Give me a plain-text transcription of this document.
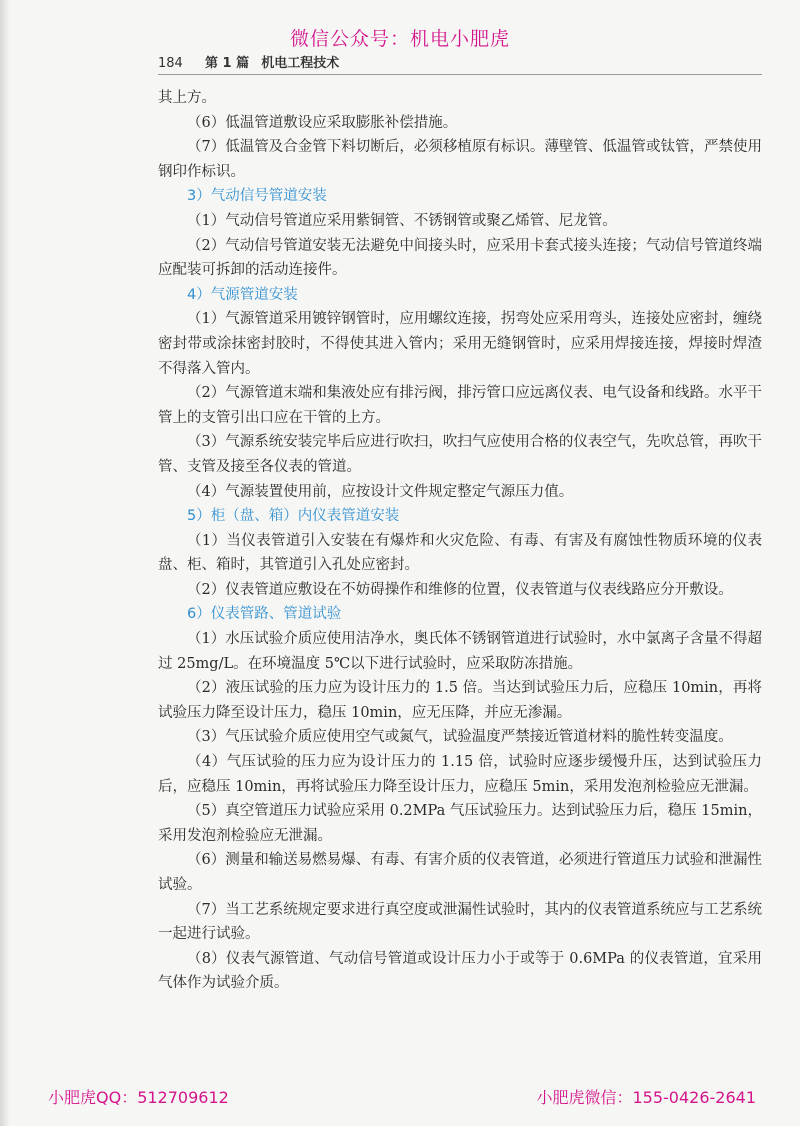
微信公众号：机电小肥虎
184 第 1 篇 机电工程技术

其上方。

（6）低温管道敷设应采取膨胀补偿措施。

（7）低温管及合金管下料切断后，必须移植原有标识。薄壁管、低温管或钛管，严禁使用钢印作标识。

3）气动信号管道安装

（1）气动信号管道应采用紫铜管、不锈钢管或聚乙烯管、尼龙管。

（2）气动信号管道安装无法避免中间接头时，应采用卡套式接头连接；气动信号管道终端应配装可拆卸的活动连接件。

4）气源管道安装

（1）气源管道采用镀锌钢管时，应用螺纹连接，拐弯处应采用弯头，连接处应密封，缠绕密封带或涂抹密封胶时，不得使其进入管内；采用无缝钢管时，应采用焊接连接，焊接时焊渣不得落入管内。

（2）气源管道末端和集液处应有排污阀，排污管口应远离仪表、电气设备和线路。水平干管上的支管引出口应在干管的上方。

（3）气源系统安装完毕后应进行吹扫，吹扫气应使用合格的仪表空气，先吹总管，再吹干管、支管及接至各仪表的管道。

（4）气源装置使用前，应按设计文件规定整定气源压力值。

5）柜（盘、箱）内仪表管道安装

（1）当仪表管道引入安装在有爆炸和火灾危险、有毒、有害及有腐蚀性物质环境的仪表盘、柜、箱时，其管道引入孔处应密封。

（2）仪表管道应敷设在不妨碍操作和维修的位置，仪表管道与仪表线路应分开敷设。

6）仪表管路、管道试验

（1）水压试验介质应使用洁净水，奥氏体不锈钢管道进行试验时，水中氯离子含量不得超过 25mg/L。在环境温度 5℃以下进行试验时，应采取防冻措施。

（2）液压试验的压力应为设计压力的 1.5 倍。当达到试验压力后，应稳压 10min，再将试验压力降至设计压力，稳压 10min，应无压降，并应无渗漏。

（3）气压试验介质应使用空气或氮气，试验温度严禁接近管道材料的脆性转变温度。

（4）气压试验的压力应为设计压力的 1.15 倍，试验时应逐步缓慢升压，达到试验压力后，应稳压 10min，再将试验压力降至设计压力，应稳压 5min，采用发泡剂检验应无泄漏。

（5）真空管道压力试验应采用 0.2MPa 气压试验压力。达到试验压力后，稳压 15min，采用发泡剂检验应无泄漏。

（6）测量和输送易燃易爆、有毒、有害介质的仪表管道，必须进行管道压力试验和泄漏性试验。

（7）当工艺系统规定要求进行真空度或泄漏性试验时，其内的仪表管道系统应与工艺系统一起进行试验。

（8）仪表气源管道、气动信号管道或设计压力小于或等于 0.6MPa 的仪表管道，宜采用气体作为试验介质。

小肥虎QQ：512709612	小肥虎微信：155-0426-2641
